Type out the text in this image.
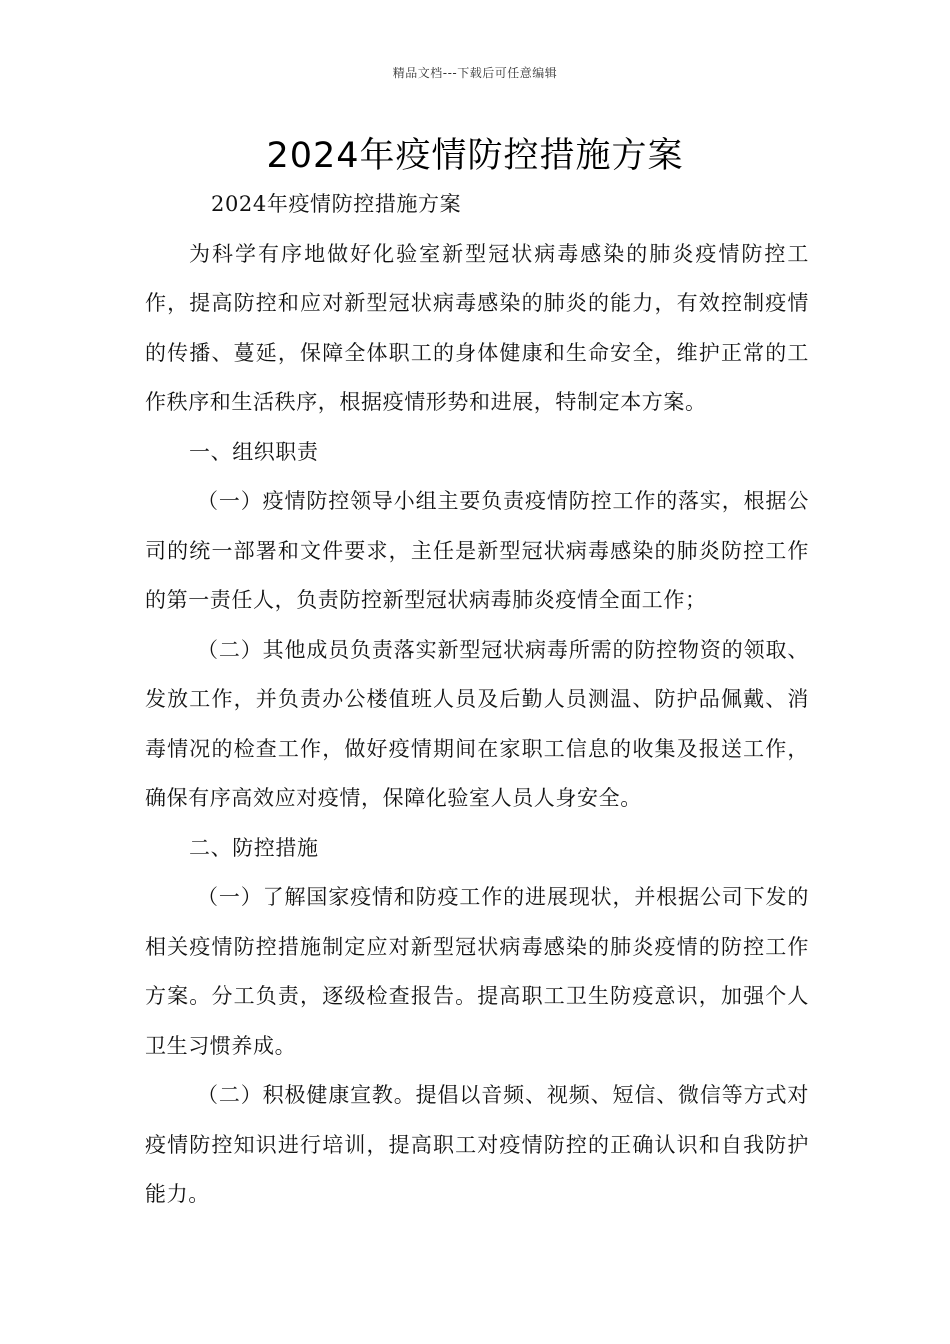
精品文档---下载后可任意编辑
2024年疫情防控措施方案

2024年疫情防控措施方案

为科学有序地做好化验室新型冠状病毒感染的肺炎疫情防控工作，提高防控和应对新型冠状病毒感染的肺炎的能力，有效控制疫情的传播、蔓延，保障全体职工的身体健康和生命安全，维护正常的工作秩序和生活秩序，根据疫情形势和进展，特制定本方案。

一、组织职责

（一）疫情防控领导小组主要负责疫情防控工作的落实，根据公司的统一部署和文件要求，主任是新型冠状病毒感染的肺炎防控工作的第一责任人，负责防控新型冠状病毒肺炎疫情全面工作；

（二）其他成员负责落实新型冠状病毒所需的防控物资的领取、发放工作，并负责办公楼值班人员及后勤人员测温、防护品佩戴、消毒情况的检查工作，做好疫情期间在家职工信息的收集及报送工作，确保有序高效应对疫情，保障化验室人员人身安全。

二、防控措施

（一）了解国家疫情和防疫工作的进展现状，并根据公司下发的相关疫情防控措施制定应对新型冠状病毒感染的肺炎疫情的防控工作方案。分工负责，逐级检查报告。提高职工卫生防疫意识，加强个人卫生习惯养成。

（二）积极健康宣教。提倡以音频、视频、短信、微信等方式对疫情防控知识进行培训，提高职工对疫情防控的正确认识和自我防护能力。
